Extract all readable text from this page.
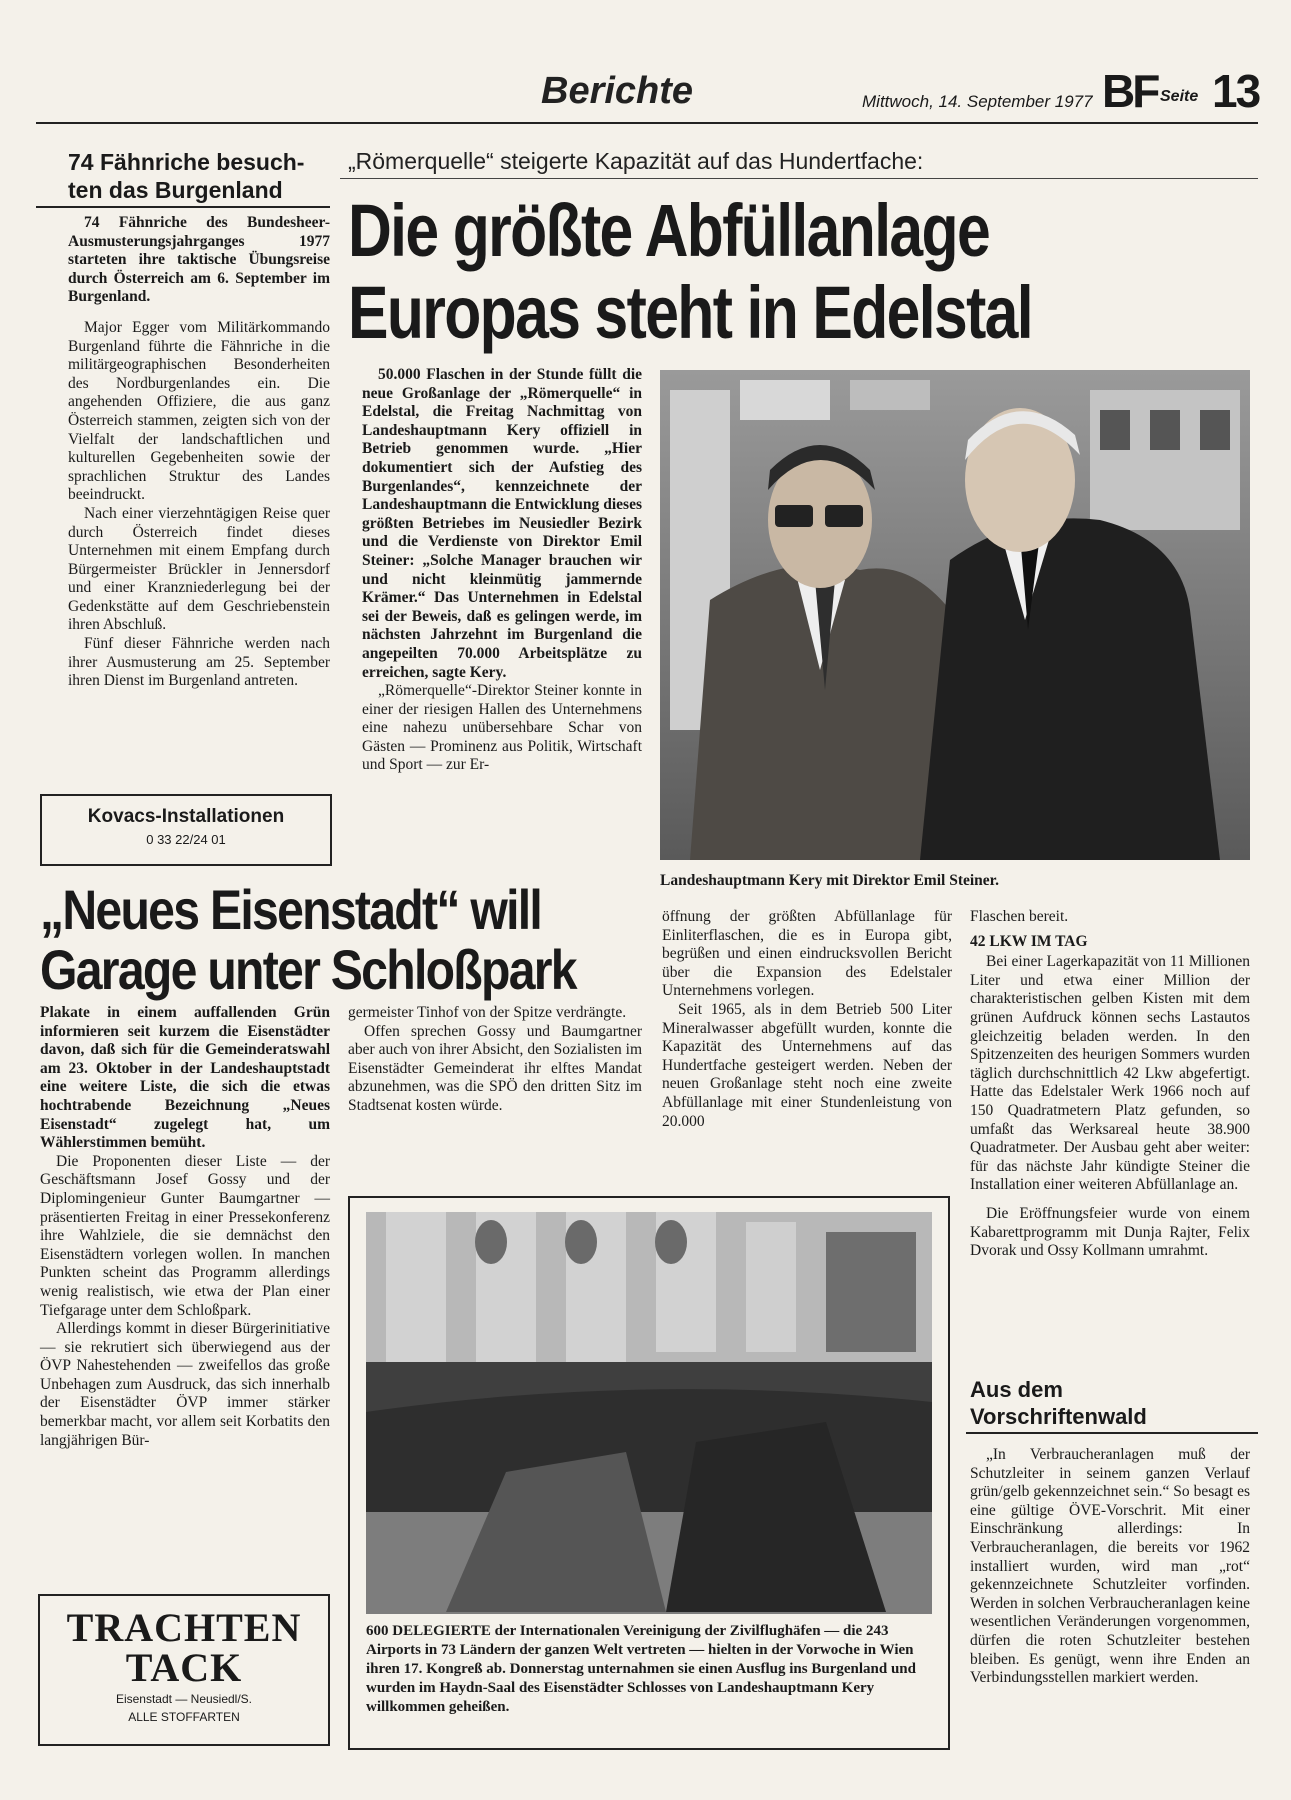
Berichte	Mittwoch, 14. September 1977 BF Seite 13
74 Fähnriche besuch-
ten das Burgenland

74 Fähnriche des Bundesheer-Ausmusterungsjahrganges 1977 starteten ihre taktische Übungsreise durch Österreich am 6. September im Burgenland.

Major Egger vom Militärkommando Burgenland führte die Fähnriche in die militärgeographischen Besonderheiten des Nordburgenlandes ein. Die angehenden Offiziere, die aus ganz Österreich stammen, zeigten sich von der Vielfalt der landschaftlichen und kulturellen Gegebenheiten sowie der sprachlichen Struktur des Landes beeindruckt.

Nach einer vierzehntägigen Reise quer durch Österreich findet dieses Unternehmen mit einem Empfang durch Bürgermeister Brückler in Jennersdorf und einer Kranzniederlegung bei der Gedenkstätte auf dem Geschriebenstein ihren Abschluß.

Fünf dieser Fähnriche werden nach ihrer Ausmusterung am 25. September ihren Dienst im Burgenland antreten.

Kovacs-Installationen
0 33 22/24 01
„Römerquelle“ steigerte Kapazität auf das Hundertfache:
Die größte Abfüllanlage
Europas steht in Edelstal

50.000 Flaschen in der Stunde füllt die neue Großanlage der „Römerquelle“ in Edelstal, die Freitag Nachmittag von Landeshauptmann Kery offiziell in Betrieb genommen wurde. „Hier dokumentiert sich der Aufstieg des Burgenlandes“, kennzeichnete der Landeshauptmann die Entwicklung dieses größten Betriebes im Neusiedler Bezirk und die Verdienste von Direktor Emil Steiner: „Solche Manager brauchen wir und nicht kleinmütig jammernde Krämer.“ Das Unternehmen in Edelstal sei der Beweis, daß es gelingen werde, im nächsten Jahrzehnt im Burgenland die angepeilten 70.000 Arbeitsplätze zu erreichen, sagte Kery.

„Römerquelle“-Direktor Steiner konnte in einer der riesigen Hallen des Unternehmens eine nahezu unübersehbare Schar von Gästen — Prominenz aus Politik, Wirtschaft und Sport — zur Er-

Landeshauptmann Kery mit Direktor Emil Steiner.

öffnung der größten Abfüllanlage für Einliterflaschen, die es in Europa gibt, begrüßen und einen eindrucksvollen Bericht über die Expansion des Edelstaler Unternehmens vorlegen.

Seit 1965, als in dem Betrieb 500 Liter Mineralwasser abgefüllt wurden, konnte die Kapazität des Unternehmens auf das Hundertfache gesteigert werden. Neben der neuen Großanlage steht noch eine zweite Abfüllanlage mit einer Stundenleistung von 20.000

Flaschen bereit.

42 LKW IM TAG

Bei einer Lagerkapazität von 11 Millionen Liter und etwa einer Million der charakteristischen gelben Kisten mit dem grünen Aufdruck können sechs Lastautos gleichzeitig beladen werden. In den Spitzenzeiten des heurigen Sommers wurden täglich durchschnittlich 42 Lkw abgefertigt. Hatte das Edelstaler Werk 1966 noch auf 150 Quadratmetern Platz gefunden, so umfaßt das Werksareal heute 38.900 Quadratmeter. Der Ausbau geht aber weiter: für das nächste Jahr kündigte Steiner die Installation einer weiteren Abfüllanlage an.

Die Eröffnungsfeier wurde von einem Kabarettprogramm mit Dunja Rajter, Felix Dvorak und Ossy Kollmann umrahmt.

„Neues Eisenstadt“ will
Garage unter Schloßpark

Plakate in einem auffallenden Grün informieren seit kurzem die Eisenstädter davon, daß sich für die Gemeinderatswahl am 23. Oktober in der Landeshauptstadt eine weitere Liste, die sich die etwas hochtrabende Bezeichnung „Neues Eisenstadt“ zugelegt hat, um Wählerstimmen bemüht.

Die Proponenten dieser Liste — der Geschäftsmann Josef Gossy und der Diplomingenieur Gunter Baumgartner — präsentierten Freitag in einer Pressekonferenz ihre Wahlziele, die sie demnächst den Eisenstädtern vorlegen wollen. In manchen Punkten scheint das Programm allerdings wenig realistisch, wie etwa der Plan einer Tiefgarage unter dem Schloßpark.

Allerdings kommt in dieser Bürgerinitiative — sie rekrutiert sich überwiegend aus der ÖVP Nahestehenden — zweifellos das große Unbehagen zum Ausdruck, das sich innerhalb der Eisenstädter ÖVP immer stärker bemerkbar macht, vor allem seit Korbatits den langjährigen Bür-

germeister Tinhof von der Spitze verdrängte.

Offen sprechen Gossy und Baumgartner aber auch von ihrer Absicht, den Sozialisten im Eisenstädter Gemeinderat ihr elftes Mandat abzunehmen, was die SPÖ den dritten Sitz im Stadtsenat kosten würde.

600 DELEGIERTE der Internationalen Vereinigung der Zivilflughäfen — die 243 Airports in 73 Ländern der ganzen Welt vertreten — hielten in der Vorwoche in Wien ihren 17. Kongreß ab. Donnerstag unternahmen sie einen Ausflug ins Burgenland und wurden im Haydn-Saal des Eisenstädter Schlosses von Landeshauptmann Kery willkommen geheißen.
TRACHTEN
TACK
Eisenstadt — Neusiedl/S.
ALLE STOFFARTEN
Aus dem
Vorschriftenwald

„In Verbraucheranlagen muß der Schutzleiter in seinem ganzen Verlauf grün/gelb gekennzeichnet sein.“ So besagt es eine gültige ÖVE-Vorschrit. Mit einer Einschränkung allerdings: In Verbraucheranlagen, die bereits vor 1962 installiert wurden, wird man „rot“ gekennzeichnete Schutzleiter vorfinden. Werden in solchen Verbraucheranlagen keine wesentlichen Veränderungen vorgenommen, dürfen die roten Schutzleiter bestehen bleiben. Es genügt, wenn ihre Enden an Verbindungsstellen markiert werden.
